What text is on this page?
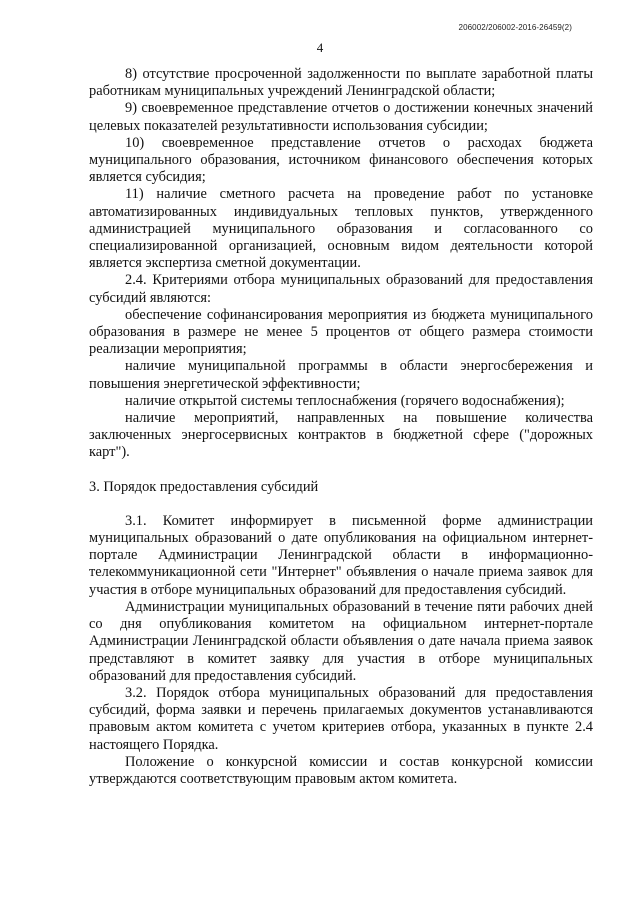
206002/206002-2016-26459(2)
4

8) отсутствие просроченной задолженности по выплате заработной платы работникам муниципальных учреждений Ленинградской области;

9) своевременное представление отчетов о достижении конечных значений целевых показателей результативности использования субсидии;

10) своевременное представление отчетов о расходах бюджета муниципального образования, источником финансового обеспечения которых является субсидия;

11) наличие сметного расчета на проведение работ по установке автоматизированных индивидуальных тепловых пунктов, утвержденного администрацией муниципального образования и согласованного со специализированной организацией, основным видом деятельности которой является экспертиза сметной документации.

2.4. Критериями отбора муниципальных образований для предоставления субсидий являются:

обеспечение софинансирования мероприятия из бюджета муниципального образования в размере не менее 5 процентов от общего размера стоимости реализации мероприятия;

наличие муниципальной программы в области энергосбережения и повышения энергетической эффективности;

наличие открытой системы теплоснабжения (горячего водоснабжения);

наличие мероприятий, направленных на повышение количества заключенных энергосервисных контрактов в бюджетной сфере ("дорожных карт").

3. Порядок предоставления субсидий

3.1. Комитет информирует в письменной форме администрации муниципальных образований о дате опубликования на официальном интернет-портале Администрации Ленинградской области в информационно-телекоммуникационной сети "Интернет" объявления о начале приема заявок для участия в отборе муниципальных образований для предоставления субсидий.

Администрации муниципальных образований в течение пяти рабочих дней со дня опубликования комитетом на официальном интернет-портале Администрации Ленинградской области объявления о дате начала приема заявок представляют в комитет заявку для участия в отборе муниципальных образований для предоставления субсидий.

3.2. Порядок отбора муниципальных образований для предоставления субсидий, форма заявки и перечень прилагаемых документов устанавливаются правовым актом комитета с учетом критериев отбора, указанных в пункте 2.4 настоящего Порядка.

Положение о конкурсной комиссии и состав конкурсной комиссии утверждаются соответствующим правовым актом комитета.
